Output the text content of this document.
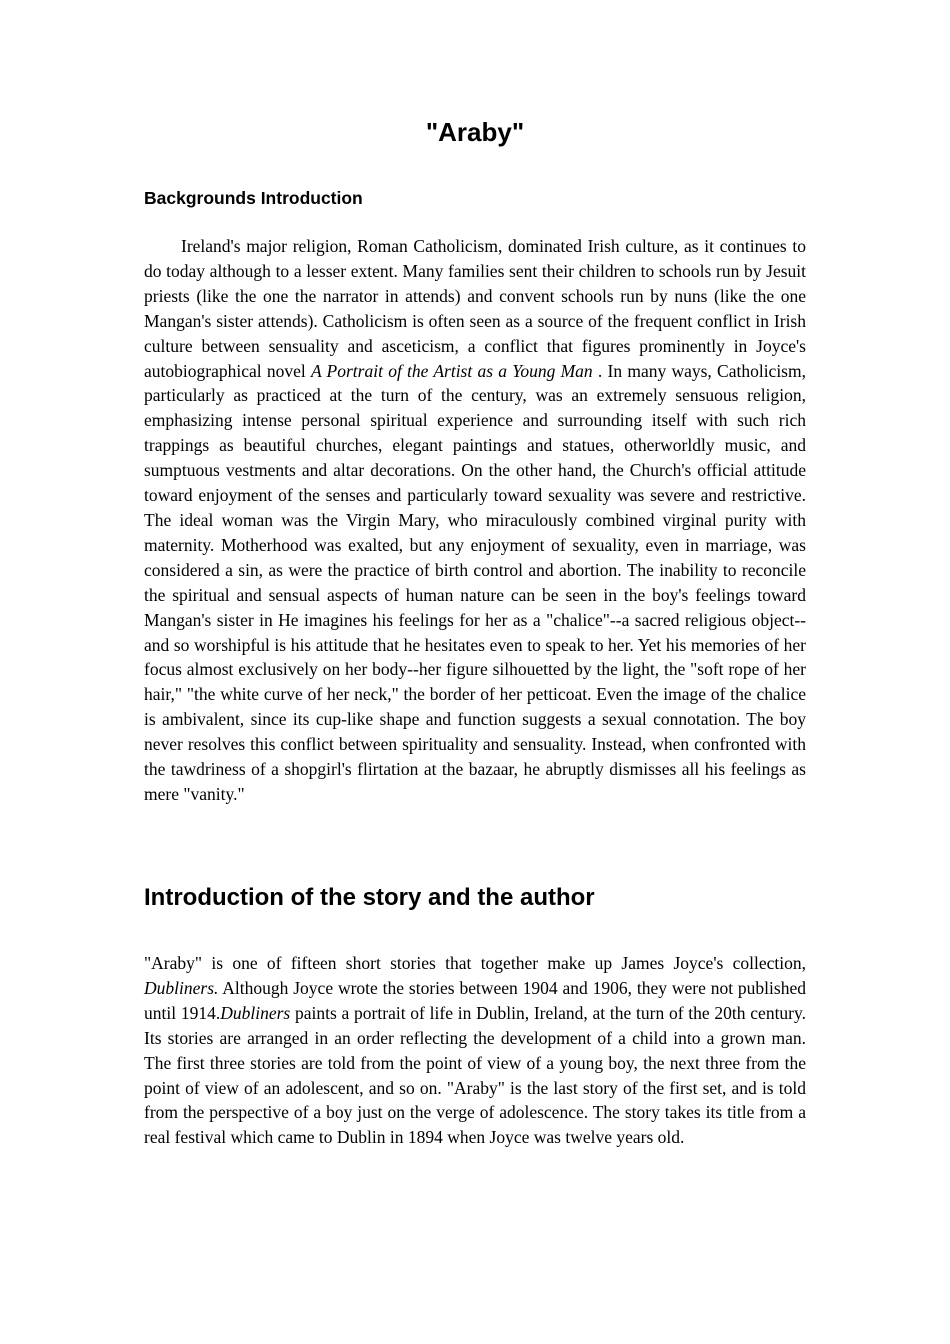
"Araby"
Backgrounds Introduction

Ireland's major religion, Roman Catholicism, dominated Irish culture, as it continues to do today although to a lesser extent. Many families sent their children to schools run by Jesuit priests (like the one the narrator in attends) and convent schools run by nuns (like the one Mangan's sister attends). Catholicism is often seen as a source of the frequent conflict in Irish culture between sensuality and asceticism, a conflict that figures prominently in Joyce's autobiographical novel A Portrait of the Artist as a Young Man . In many ways, Catholicism, particularly as practiced at the turn of the century, was an extremely sensuous religion, emphasizing intense personal spiritual experience and surrounding itself with such rich trappings as beautiful churches, elegant paintings and statues, otherworldly music, and sumptuous vestments and altar decorations. On the other hand, the Church's official attitude toward enjoyment of the senses and particularly toward sexuality was severe and restrictive. The ideal woman was the Virgin Mary, who miraculously combined virginal purity with maternity. Motherhood was exalted, but any enjoyment of sexuality, even in marriage, was considered a sin, as were the practice of birth control and abortion. The inability to reconcile the spiritual and sensual aspects of human nature can be seen in the boy's feelings toward Mangan's sister in He imagines his feelings for her as a "chalice"--a sacred religious object--and so worshipful is his attitude that he hesitates even to speak to her. Yet his memories of her focus almost exclusively on her body--her figure silhouetted by the light, the "soft rope of her hair," "the white curve of her neck," the border of her petticoat. Even the image of the chalice is ambivalent, since its cup-like shape and function suggests a sexual connotation. The boy never resolves this conflict between spirituality and sensuality. Instead, when confronted with the tawdriness of a shopgirl's flirtation at the bazaar, he abruptly dismisses all his feelings as mere "vanity."

Introduction of the story and the author

"Araby" is one of fifteen short stories that together make up James Joyce's collection, Dubliners. Although Joyce wrote the stories between 1904 and 1906, they were not published until 1914.Dubliners paints a portrait of life in Dublin, Ireland, at the turn of the 20th century. Its stories are arranged in an order reflecting the development of a child into a grown man. The first three stories are told from the point of view of a young boy, the next three from the point of view of an adolescent, and so on. "Araby" is the last story of the first set, and is told from the perspective of a boy just on the verge of adolescence. The story takes its title from a real festival which came to Dublin in 1894 when Joyce was twelve years old.
